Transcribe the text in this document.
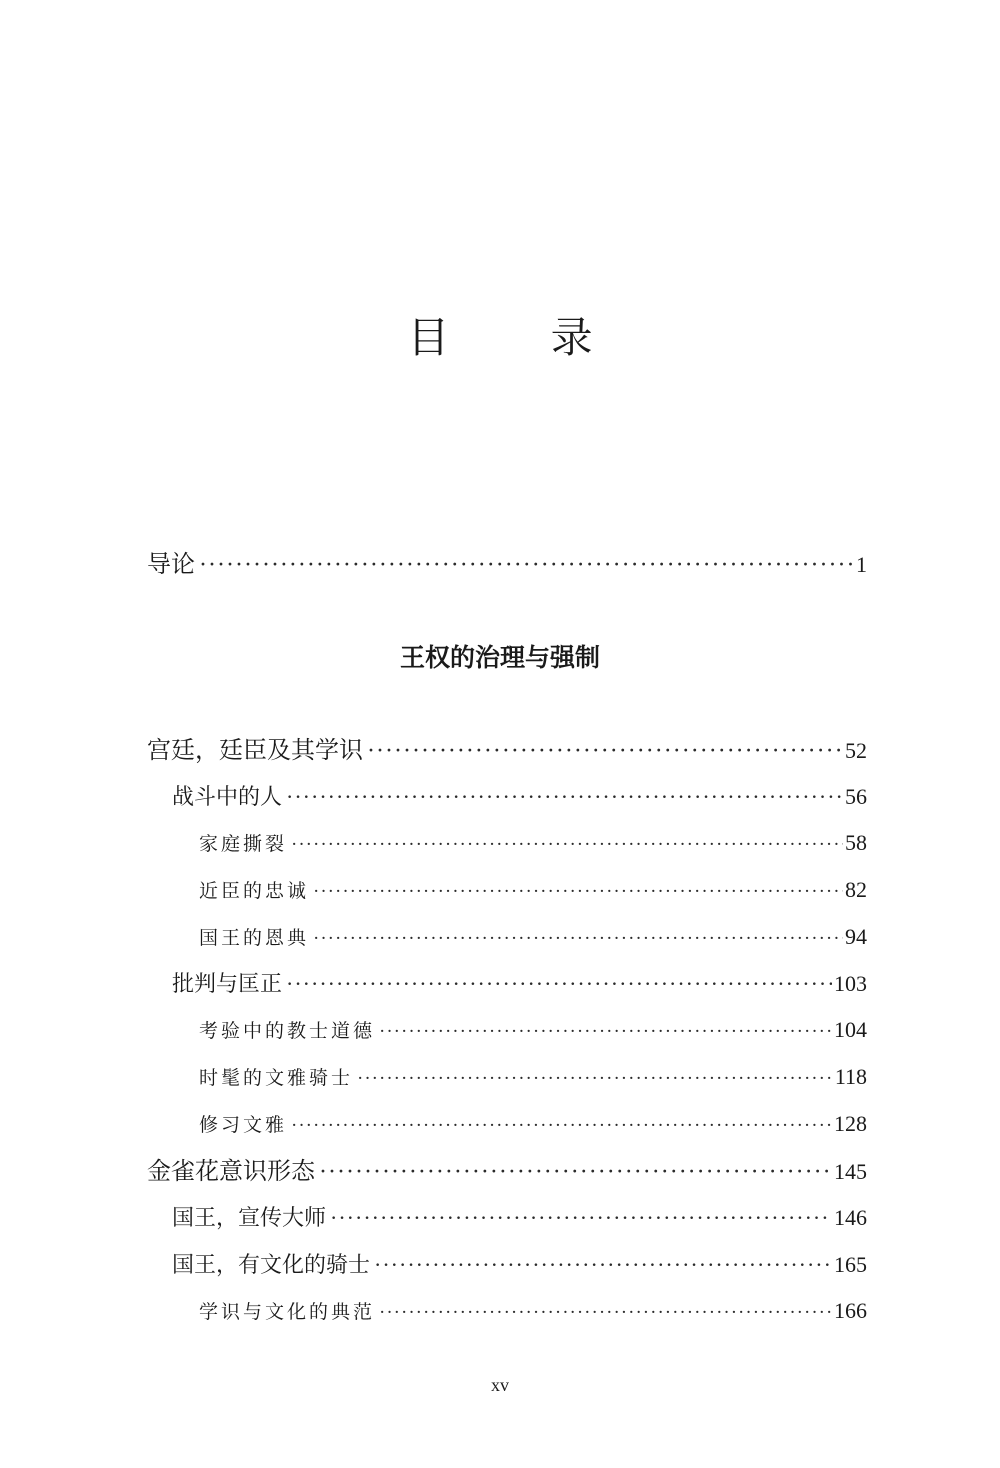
目 录
导论 ·····	1
王权的治理与强制
宫廷，廷臣及其学识 ·····	52
战斗中的人 ·····	56
家庭撕裂 ·····	58
近臣的忠诚 ·····	82
国王的恩典 ·····	94
批判与匡正 ·····	103
考验中的教士道德 ·····	104
时髦的文雅骑士 ·····	118
修习文雅 ·····	128
金雀花意识形态 ·····	145
国王，宣传大师 ·····	146
国王，有文化的骑士 ·····	165
学识与文化的典范 ·····	166
xv
